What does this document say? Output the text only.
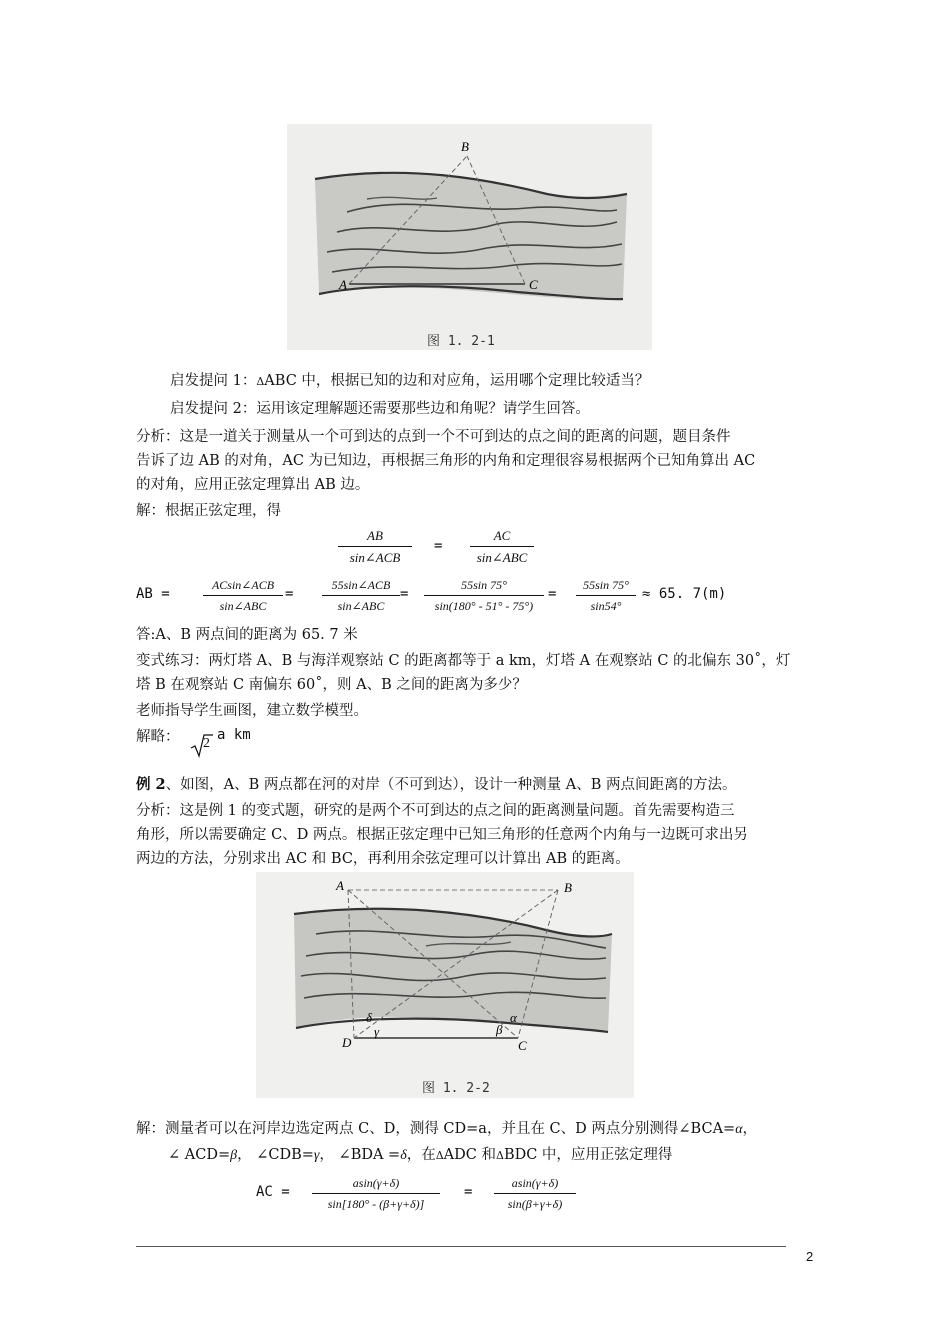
B
A	C
图 1. 2-1
启发提问 1：ΔABC 中，根据已知的边和对应角，运用哪个定理比较适当？
启发提问 2：运用该定理解题还需要那些边和角呢？请学生回答。
分析：这是一道关于测量从一个可到达的点到一个不可到达的点之间的距离的问题，题目条件
告诉了边 AB 的对角，AC 为已知边，再根据三角形的内角和定理很容易根据两个已知角算出 AC
的对角，应用正弦定理算出 AB 边。
解：根据正弦定理，得
AB
sin∠ACB
=
AC
sin∠ABC
AB =
ACsin∠ACB
sin∠ABC
=
55sin∠ACB
sin∠ABC
= $\frac{55\sin 75^\circ}{\sin(180^\circ - 51^\circ - 75^\circ)} = \frac{55\sin 75^\circ}{\sin 54^\circ} \approx 65$. 7(m)
答:A、B 两点间的距离为 65. 7 米
变式练习：两灯塔 A、B 与海洋观察站 C 的距离都等于 a km，灯塔 A 在观察站 C 的北偏东 30˚，灯
塔 B 在观察站 C 南偏东 60˚，则 A、B 之间的距离为多少？
老师指导学生画图，建立数学模型。
解略： 2
a km
例 2、如图，A、B 两点都在河的对岸（不可到达），设计一种测量 A、B 两点间距离的方法。
分析：这是例 1 的变式题，研究的是两个不可到达的点之间的距离测量问题。首先需要构造三
角形，所以需要确定 C、D 两点。根据正弦定理中已知三角形的任意两个内角与一边既可求出另
两边的方法，分别求出 AC 和 BC，再利用余弦定理可以计算出 AB 的距离。
A	B
D	C
δ
γ	β
α
图 1. 2-2
解：测量者可以在河岸边选定两点 C、D，测得 CD=a，并且在 C、D 两点分别测得∠BCA=α，
∠ ACD=β， ∠CDB=γ， ∠BDA =δ，在ΔADC 和ΔBDC 中，应用正弦定理得
AC = $\frac{asin(\gamma+\delta)}{\sin[180^\circ - (\beta+\gamma+\delta)]} = \frac{asin(\gamma+\delta)}{\sin(\beta+\gamma+\delta)}$
2
